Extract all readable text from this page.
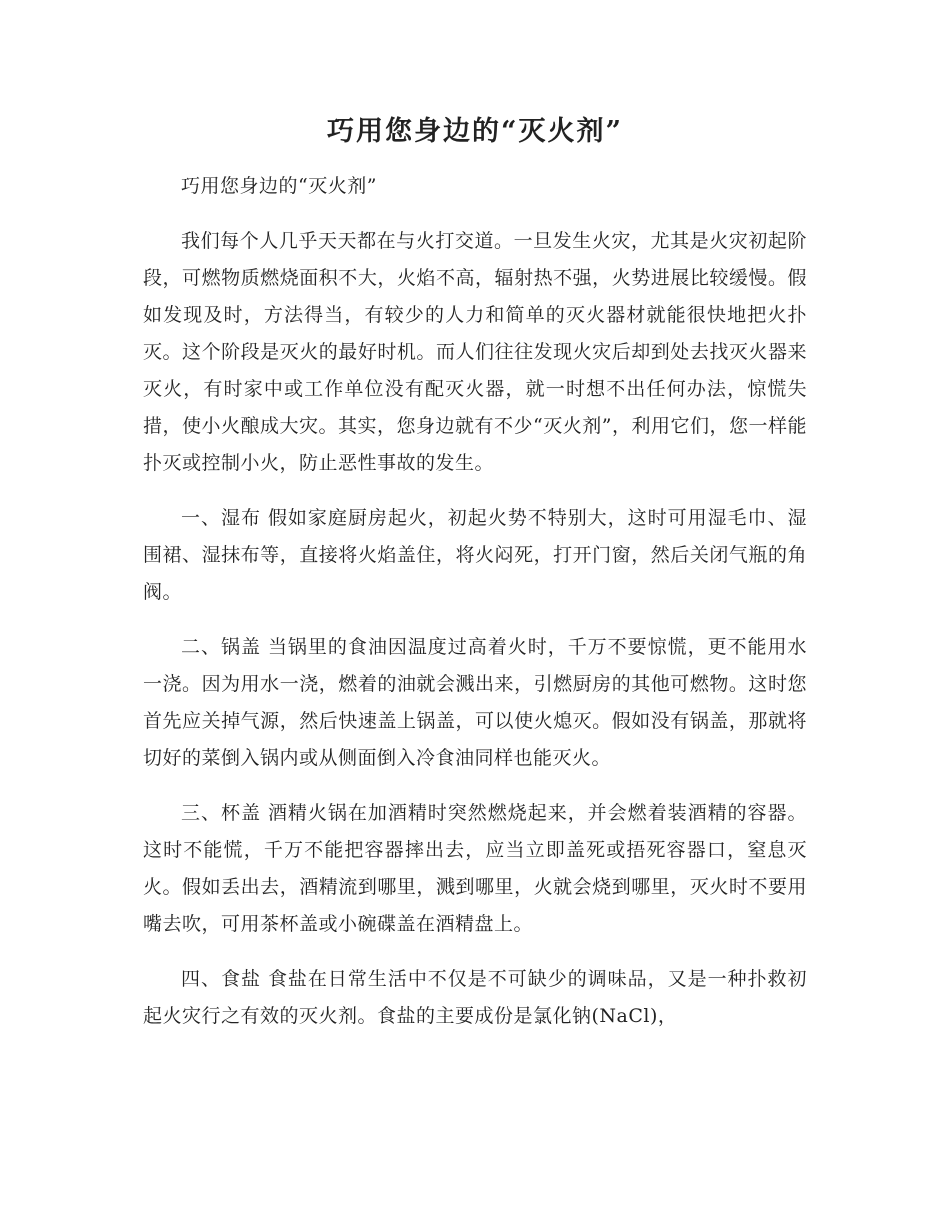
巧用您身边的“灭火剂”

巧用您身边的“灭火剂”

我们每个人几乎天天都在与火打交道。一旦发生火灾，尤其是火灾初起阶段，可燃物质燃烧面积不大，火焰不高，辐射热不强，火势进展比较缓慢。假如发现及时，方法得当，有较少的人力和简单的灭火器材就能很快地把火扑灭。这个阶段是灭火的最好时机。而人们往往发现火灾后却到处去找灭火器来灭火，有时家中或工作单位没有配灭火器，就一时想不出任何办法，惊慌失措，使小火酿成大灾。其实，您身边就有不少“灭火剂”，利用它们，您一样能扑灭或控制小火，防止恶性事故的发生。

一、湿布 假如家庭厨房起火，初起火势不特别大，这时可用湿毛巾、湿围裙、湿抹布等，直接将火焰盖住，将火闷死，打开门窗，然后关闭气瓶的角阀。

二、锅盖 当锅里的食油因温度过高着火时，千万不要惊慌，更不能用水一浇。因为用水一浇，燃着的油就会溅出来，引燃厨房的其他可燃物。这时您首先应关掉气源，然后快速盖上锅盖，可以使火熄灭。假如没有锅盖，那就将切好的菜倒入锅内或从侧面倒入冷食油同样也能灭火。

三、杯盖 酒精火锅在加酒精时突然燃烧起来，并会燃着装酒精的容器。这时不能慌，千万不能把容器摔出去，应当立即盖死或捂死容器口，窒息灭火。假如丢出去，酒精流到哪里，溅到哪里，火就会烧到哪里，灭火时不要用嘴去吹，可用茶杯盖或小碗碟盖在酒精盘上。

四、食盐 食盐在日常生活中不仅是不可缺少的调味品，又是一种扑救初起火灾行之有效的灭火剂。食盐的主要成份是氯化钠(NaCl)，
